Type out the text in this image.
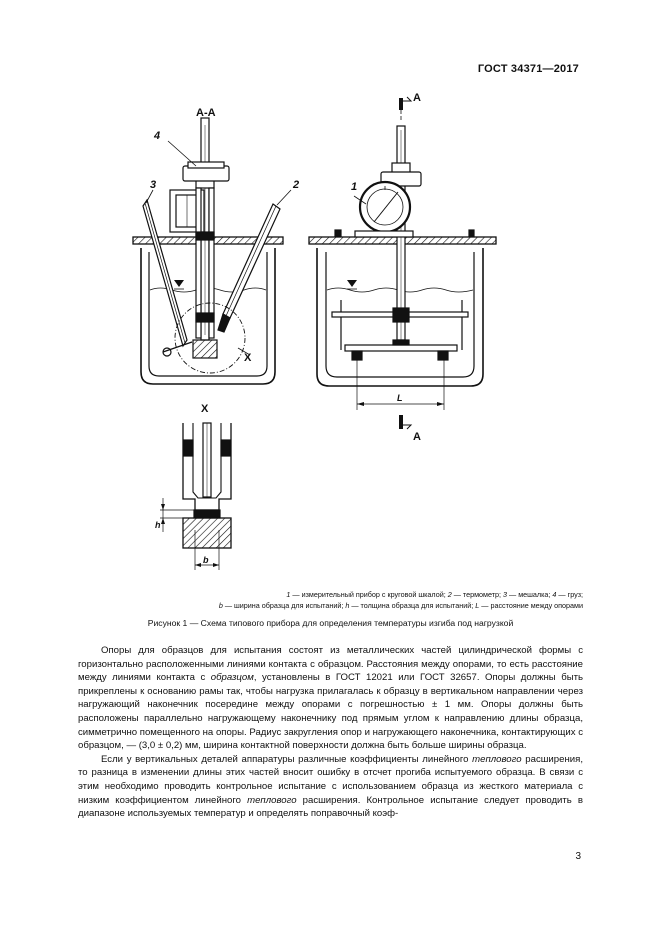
ГОСТ 34371—2017
А-А
4
3	2	1
X
X
А
А
L
h
b
1 — измерительный прибор с круговой шкалой; 2 — термометр; 3 — мешалка; 4 — груз;
b — ширина образца для испытаний; h — толщина образца для испытаний; L — расстояние между опорами
Рисунок 1 — Схема типового прибора для определения температуры изгиба под нагрузкой

Опоры для образцов для испытания состоят из металлических частей цилиндрической формы с горизонтально расположенными линиями контакта с образцом. Расстояния между опорами, то есть расстояние между линиями контакта с образцом, установлены в ГОСТ 12021 или ГОСТ 32657. Опоры должны быть прикреплены к основанию рамы так, чтобы нагрузка прилагалась к образцу в вертикальном направлении через нагружающий наконечник посередине между опорами с погрешностью ± 1 мм. Опоры должны быть расположены параллельно нагружающему наконечнику под прямым углом к направлению длины образца, симметрично помещенного на опоры. Радиус закругления опор и нагружающего наконечника, контактирующих с образцом, — (3,0 ± 0,2) мм, ширина контактной поверхности должна быть больше ширины образца.

Если у вертикальных деталей аппаратуры различные коэффициенты линейного теплового расширения, то разница в изменении длины этих частей вносит ошибку в отсчет прогиба испытуемого образца. В связи с этим необходимо проводить контрольное испытание с использованием образца из жесткого материала с низким коэффициентом линейного теплового расширения. Контрольное испытание следует проводить в диапазоне используемых температур и определять поправочный коэф-

3
